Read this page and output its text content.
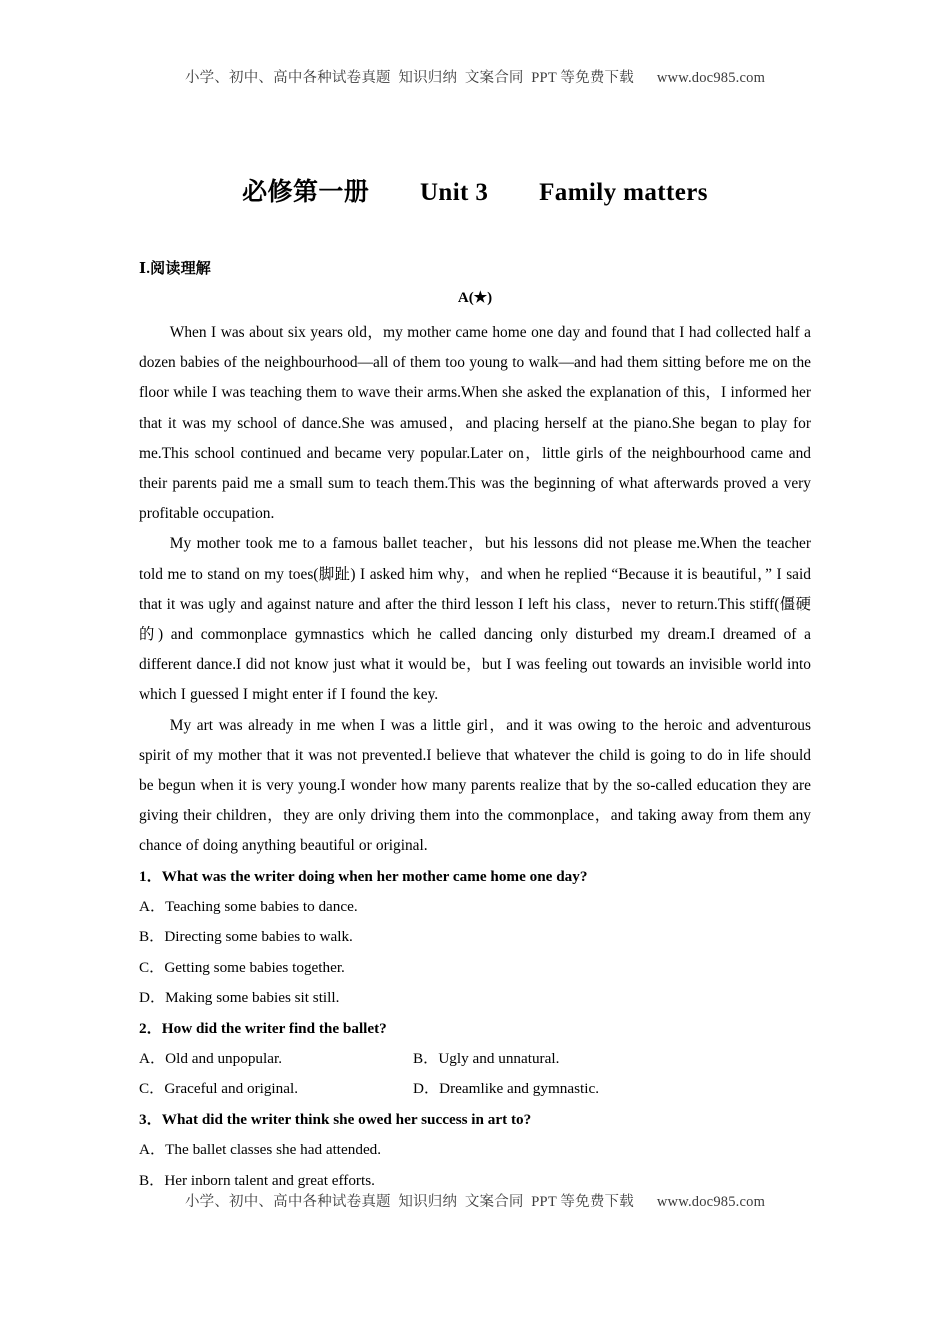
小学、初中、高中各种试卷真题  知识归纳  文案合同  PPT 等免费下载      www.doc985.com
必修第一册　　Unit 3　　Family matters
Ⅰ.阅读理解
A(★)

When I was about six years old，my mother came home one day and found that I had collected half a dozen babies of the neighbourhood—all of them too young to walk—and had them sitting before me on the floor while I was teaching them to wave their arms.When she asked the explanation of this，I informed her that it was my school of dance.She was amused，and placing herself at the piano.She began to play for me.This school continued and became very popular.Later on，little girls of the neighbourhood came and their parents paid me a small sum to teach them.This was the beginning of what afterwards proved a very profitable occupation.

My mother took me to a famous ballet teacher，but his lessons did not please me.When the teacher told me to stand on my toes(脚趾) I asked him why，and when he replied “Because it is beautiful，” I said that it was ugly and against nature and after the third lesson I left his class，never to return.This stiff(僵硬的) and commonplace gymnastics which he called dancing only disturbed my dream.I dreamed of a different dance.I did not know just what it would be，but I was feeling out towards an invisible world into which I guessed I might enter if I found the key.

My art was already in me when I was a little girl，and it was owing to the heroic and adventurous spirit of my mother that it was not prevented.I believe that whatever the child is going to do in life should be begun when it is very young.I wonder how many parents realize that by the so-called education they are giving their children，they are only driving them into the commonplace，and taking away from them any chance of doing anything beautiful or original.

1．What was the writer doing when her mother came home one day?

A．Teaching some babies to dance.

B．Directing some babies to walk.

C．Getting some babies together.

D．Making some babies sit still.

2．How did the writer find the ballet?

A．Old and unpopular.	B．Ugly and unnatural.
C．Graceful and original.	D．Dreamlike and gymnastic.

3．What did the writer think she owed her success in art to?

A．The ballet classes she had attended.

B．Her inborn talent and great efforts.

小学、初中、高中各种试卷真题  知识归纳  文案合同  PPT 等免费下载      www.doc985.com
